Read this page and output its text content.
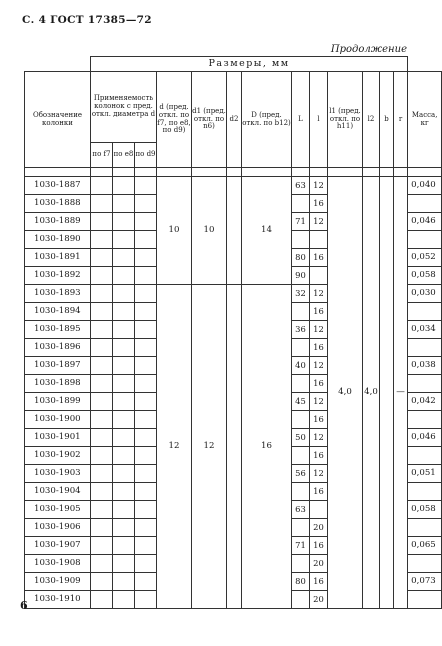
С. 4 ГОСТ 17385—72
Продолжение
	Размеры, мм													
Обозначение колонки	Применяемость колонок с пред. откл. диаметра d			d (пред. откл. по f7, по e8, по d9)	d1 (пред. откл. по n6)	d2	D (пред. откл. по b12)	L	l	l1 (пред. откл. по h11)	l2	b	r	Масса, кг
	по f7	по e8	по d9											

1030-1887				10	10		14	63	12	4,0	4,0		—	0,040
1030-1888									16					
1030-1889								71	12					0,046
1030-1890														
1030-1891								80	16					0,052
1030-1892								90						0,058
1030-1893				12	12		16	32	12					0,030
1030-1894									16					
1030-1895								36	12					0,034
1030-1896									16					
1030-1897								40	12					0,038
1030-1898									16					
1030-1899								45	12					0,042
1030-1900									16					
1030-1901								50	12					0,046
1030-1902									16					
1030-1903								56	12					0,051
1030-1904									16					
1030-1905								63						0,058
1030-1906									20					
1030-1907								71	16					0,065
1030-1908									20					
1030-1909								80	16					0,073
1030-1910									20					
6
